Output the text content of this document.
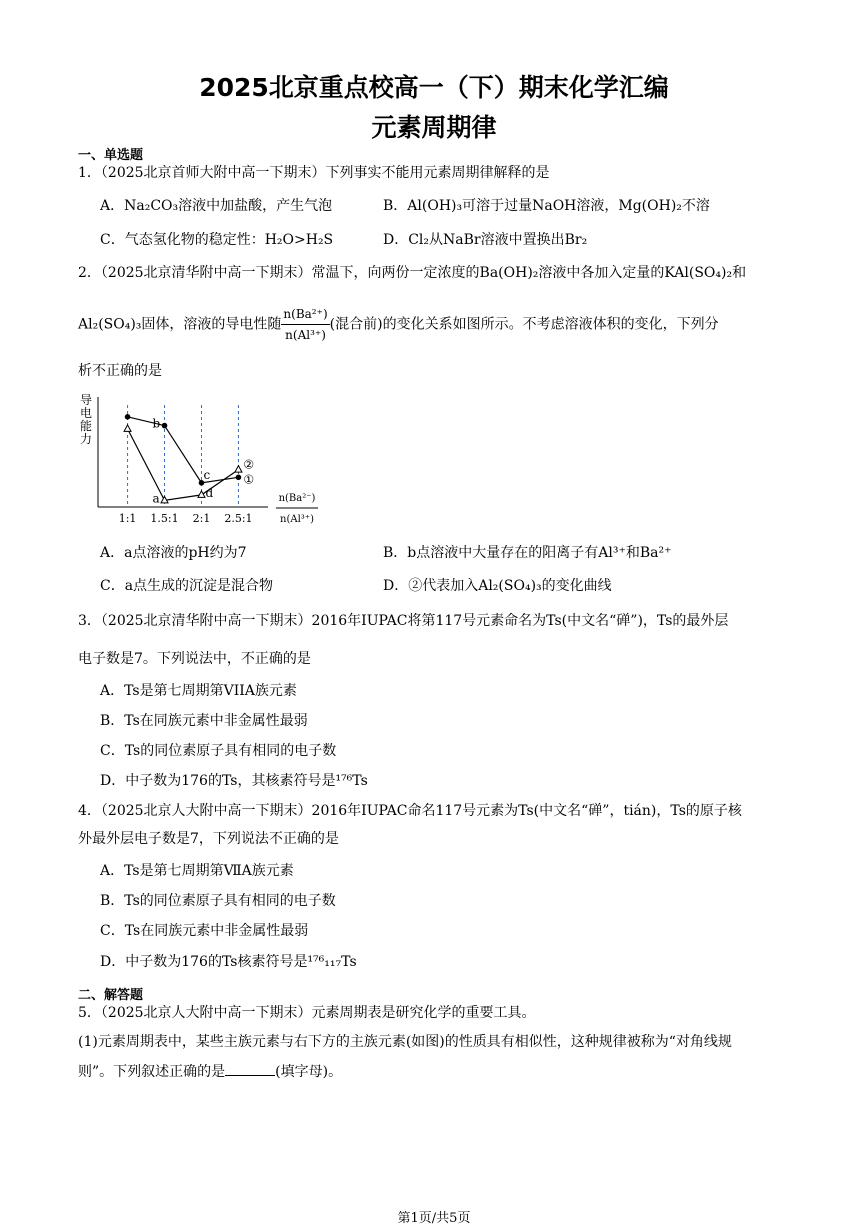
2025北京重点校高一（下）期末化学汇编
元素周期律
一、单选题
1．（2025北京首师大附中高一下期末）下列事实不能用元素周期律解释的是
A．Na₂CO₃溶液中加盐酸，产生气泡	B．Al(OH)₃可溶于过量NaOH溶液，Mg(OH)₂不溶
C．气态氢化物的稳定性：H₂O>H₂S	D．Cl₂从NaBr溶液中置换出Br₂
2．（2025北京清华附中高一下期末）常温下，向两份一定浓度的Ba(OH)₂溶液中各加入定量的KAl(SO₄)₂和
Al₂(SO₄)₃固体，溶液的导电性随 $\frac{\text{n(Ba²⁺)}}{\text{n(Al³⁺)}}$ (混合前)的变化关系如图所示。不考虑溶液体积的变化，下列分
析不正确的是
导
电
能
力
1:1 1.5:1 2:1 2.5:1
n(Ba²⁻)
n(Al³⁺)
①
②
b
a
c
d
A．a点溶液的pH约为7	B．b点溶液中大量存在的阳离子有Al³⁺和Ba²⁺
C．a点生成的沉淀是混合物	D．②代表加入Al₂(SO₄)₃的变化曲线
3．（2025北京清华附中高一下期末）2016年IUPAC将第117号元素命名为Ts(中文名“䃅”)，Ts的最外层
电子数是7。下列说法中，不正确的是
A．Ts是第七周期第VIIA族元素
B．Ts在同族元素中非金属性最弱
C．Ts的同位素原子具有相同的电子数
D．中子数为176的Ts，其核素符号是¹⁷⁶Ts
4．（2025北京人大附中高一下期末）2016年IUPAC命名117号元素为Ts(中文名“䃅”，tián)，Ts的原子核
外最外层电子数是7，下列说法不正确的是
A．Ts是第七周期第ⅦA族元素
B．Ts的同位素原子具有相同的电子数
C．Ts在同族元素中非金属性最弱
D．中子数为176的Ts核素符号是¹⁷⁶₁₁₇Ts
二、解答题
5．（2025北京人大附中高一下期末）元素周期表是研究化学的重要工具。
(1)元素周期表中，某些主族元素与右下方的主族元素(如图)的性质具有相似性，这种规律被称为“对角线规
则”。下列叙述正确的是	(填字母)。
第1页/共5页
